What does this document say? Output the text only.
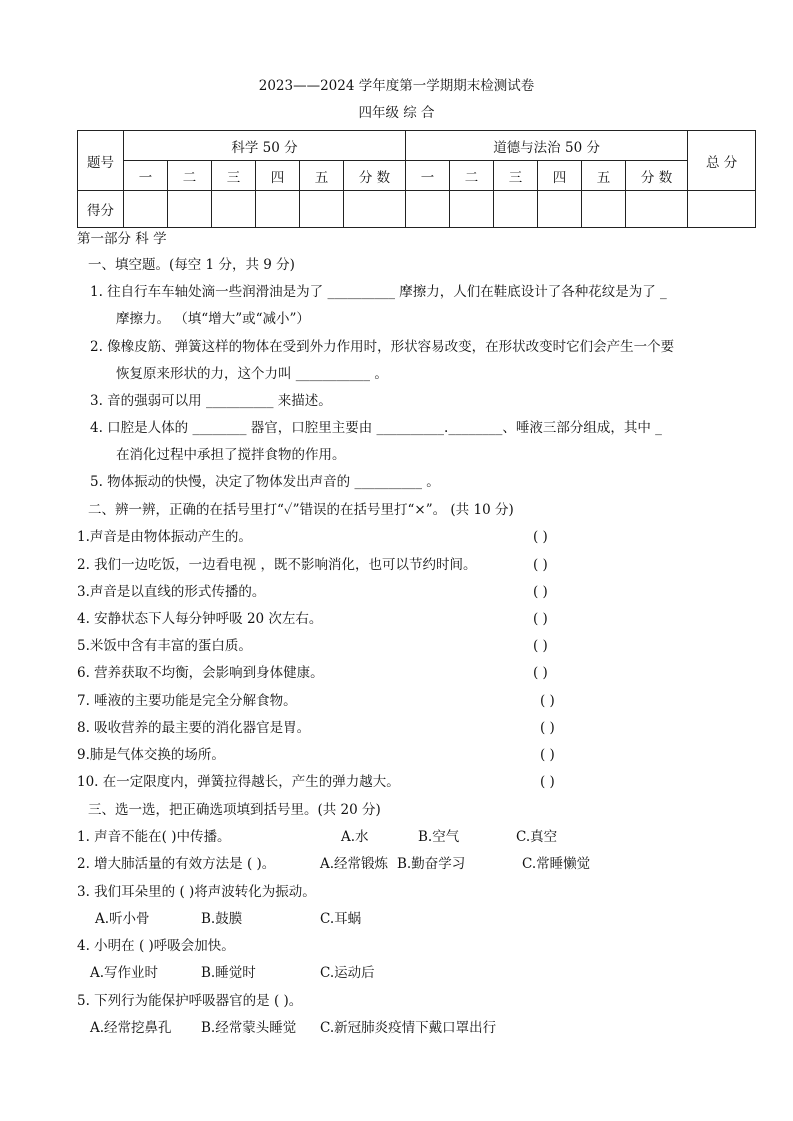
2023——2024 学年度第一学期期末检测试卷
四年级 综 合
题号	科学 50 分						道德与法治 50 分						总 分
	一	二	三	四	五	分 数	一	二	三	四	五	分 数	
得分													
第一部分 科 学
一、填空题。(每空 1 分，共 9 分)
1. 往自行车车轴处滴一些润滑油是为了 __________ 摩擦力，人们在鞋底设计了各种花纹是为了 _
摩擦力。 （填“增大”或“减小”）
2. 像橡皮筋、弹簧这样的物体在受到外力作用时，形状容易改变，在形状改变时它们会产生一个要
恢复原来形状的力，这个力叫 ___________ 。
3. 音的强弱可以用 __________ 来描述。
4. 口腔是人体的 ________ 器官，口腔里主要由 __________.________、唾液三部分组成，其中 _
在消化过程中承担了搅拌食物的作用。
5. 物体振动的快慢，决定了物体发出声音的 __________ 。
二、辨一辨，正确的在括号里打“✓”错误的在括号里打“×”。 (共 10 分)
1.声音是由物体振动产生的。	( )
2. 我们一边吃饭，一边看电视 ，既不影响消化，也可以节约时间。	( )
3.声音是以直线的形式传播的。	( )
4. 安静状态下人每分钟呼吸 20 次左右。	( )
5.米饭中含有丰富的蛋白质。	( )
6. 营养获取不均衡，会影响到身体健康。	( )
7. 唾液的主要功能是完全分解食物。	( )
8. 吸收营养的最主要的消化器官是胃。	( )
9.肺是气体交换的场所。	( )
10. 在一定限度内，弹簧拉得越长，产生的弹力越大。	( )
三、选一选，把正确选项填到括号里。(共 20 分)
1. 声音不能在( )中传播。	A.水	B.空气	C.真空
2. 增大肺活量的有效方法是 ( )。	A.经常锻炼 B.勤奋学习	C.常睡懒觉
3. 我们耳朵里的 ( )将声波转化为振动。
A.听小骨	B.鼓膜	C.耳蜗
4. 小明在 ( )呼吸会加快。
A.写作业时	B.睡觉时	C.运动后
5. 下列行为能保护呼吸器官的是 ( )。
A.经常挖鼻孔 B.经常蒙头睡觉 C.新冠肺炎疫情下戴口罩出行
